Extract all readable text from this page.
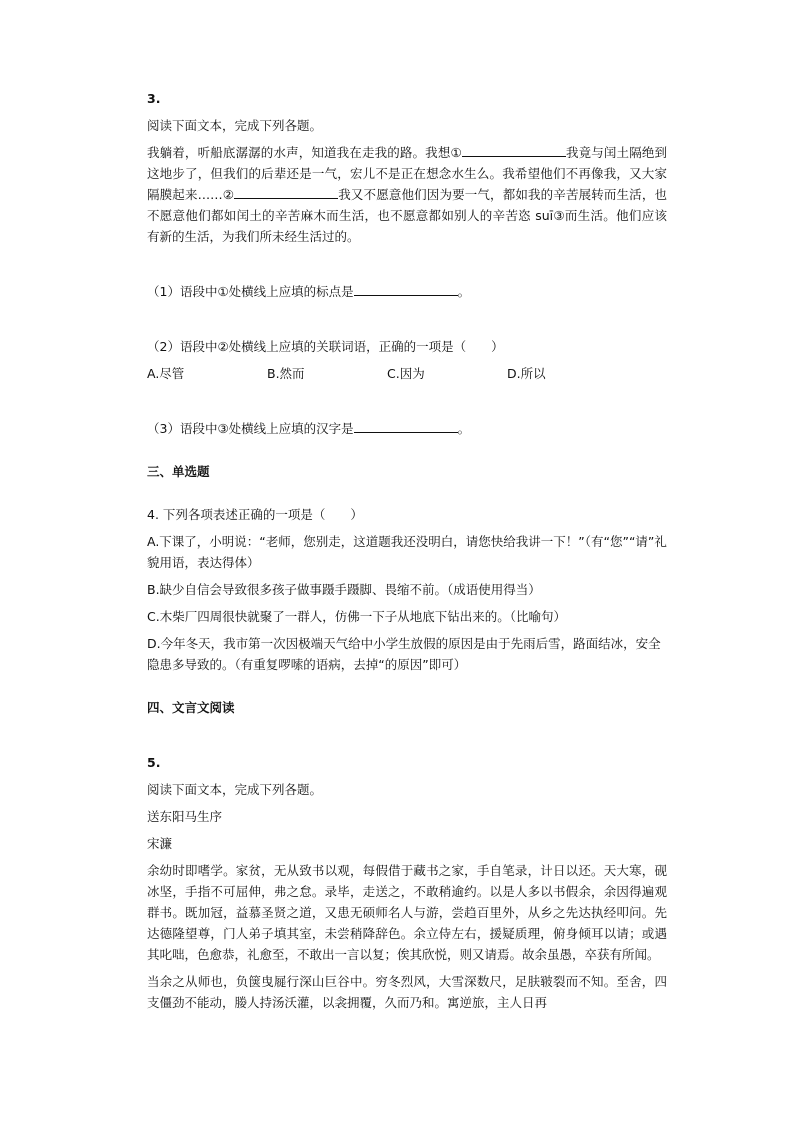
3.

阅读下面文本，完成下列各题。

我躺着，听船底潺潺的水声，知道我在走我的路。我想①	我竟与闰土隔绝到这地步了，但我们的后辈还是一气，宏儿不是正在想念水生么。我希望他们不再像我，又大家隔膜起来……②	我又不愿意他们因为要一气，都如我的辛苦展转而生活，也不愿意他们都如闰土的辛苦麻木而生活，也不愿意都如别人的辛苦恣 suī③而生活。他们应该有新的生活，为我们所未经生活过的。

（1）语段中①处横线上应填的标点是	。

（2）语段中②处横线上应填的关联词语，正确的一项是（　　）

A.尽管	B.然而	C.因为	D.所以

（3）语段中③处横线上应填的汉字是	。

三、单选题

4. 下列各项表述正确的一项是（　　）

A.下课了，小明说：“老师，您别走，这道题我还没明白，请您快给我讲一下！”（有“您”“请”礼貌用语，表达得体）

B.缺少自信会导致很多孩子做事蹑手蹑脚、畏缩不前。（成语使用得当）

C.木柴厂四周很快就聚了一群人，仿佛一下子从地底下钻出来的。（比喻句）

D.今年冬天，我市第一次因极端天气给中小学生放假的原因是由于先雨后雪，路面结冰，安全隐患多导致的。（有重复啰嗦的语病，去掉“的原因”即可）

四、文言文阅读

5.

阅读下面文本，完成下列各题。

送东阳马生序

宋濂

余幼时即嗜学。家贫，无从致书以观，每假借于藏书之家，手自笔录，计日以还。天大寒，砚冰坚，手指不可屈伸，弗之怠。录毕，走送之，不敢稍逾约。以是人多以书假余，余因得遍观群书。既加冠，益慕圣贤之道，又患无硕师名人与游，尝趋百里外，从乡之先达执经叩问。先达德隆望尊，门人弟子填其室，未尝稍降辞色。余立侍左右，援疑质理，俯身倾耳以请；或遇其叱咄，色愈恭，礼愈至，不敢出一言以复；俟其欣悦，则又请焉。故余虽愚，卒获有所闻。

当余之从师也，负箧曳屣行深山巨谷中。穷冬烈风，大雪深数尺，足肤皲裂而不知。至舍，四支僵劲不能动，媵人持汤沃灌，以衾拥覆，久而乃和。寓逆旅，主人日再
